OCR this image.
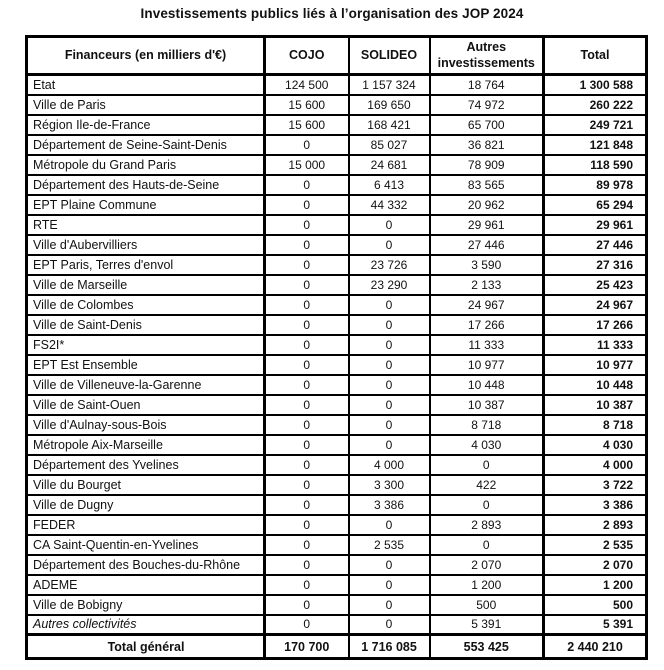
Investissements publics liés à l’organisation des JOP 2024
Financeurs (en milliers d'€)	COJO	SOLIDEO	Autres investissements	Total
Etat	124 500	1 157 324	18 764	1 300 588
Ville de Paris	15 600	169 650	74 972	260 222
Région Ile-de-France	15 600	168 421	65 700	249 721
Département de Seine-Saint-Denis	0	85 027	36 821	121 848
Métropole du Grand Paris	15 000	24 681	78 909	118 590
Département des Hauts-de-Seine	0	6 413	83 565	89 978
EPT Plaine Commune	0	44 332	20 962	65 294
RTE	0	0	29 961	29 961
Ville d'Aubervilliers	0	0	27 446	27 446
EPT Paris, Terres d'envol	0	23 726	3 590	27 316
Ville de Marseille	0	23 290	2 133	25 423
Ville de Colombes	0	0	24 967	24 967
Ville de Saint-Denis	0	0	17 266	17 266
FS2I*	0	0	11 333	11 333
EPT Est Ensemble	0	0	10 977	10 977
Ville de Villeneuve-la-Garenne	0	0	10 448	10 448
Ville de Saint-Ouen	0	0	10 387	10 387
Ville d'Aulnay-sous-Bois	0	0	8 718	8 718
Métropole Aix-Marseille	0	0	4 030	4 030
Département des Yvelines	0	4 000	0	4 000
Ville du Bourget	0	3 300	422	3 722
Ville de Dugny	0	3 386	0	3 386
FEDER	0	0	2 893	2 893
CA Saint-Quentin-en-Yvelines	0	2 535	0	2 535
Département des Bouches-du-Rhône	0	0	2 070	2 070
ADEME	0	0	1 200	1 200
Ville de Bobigny	0	0	500	500
Autres collectivités	0	0	5 391	5 391
Total général	170 700	1 716 085	553 425	2 440 210
